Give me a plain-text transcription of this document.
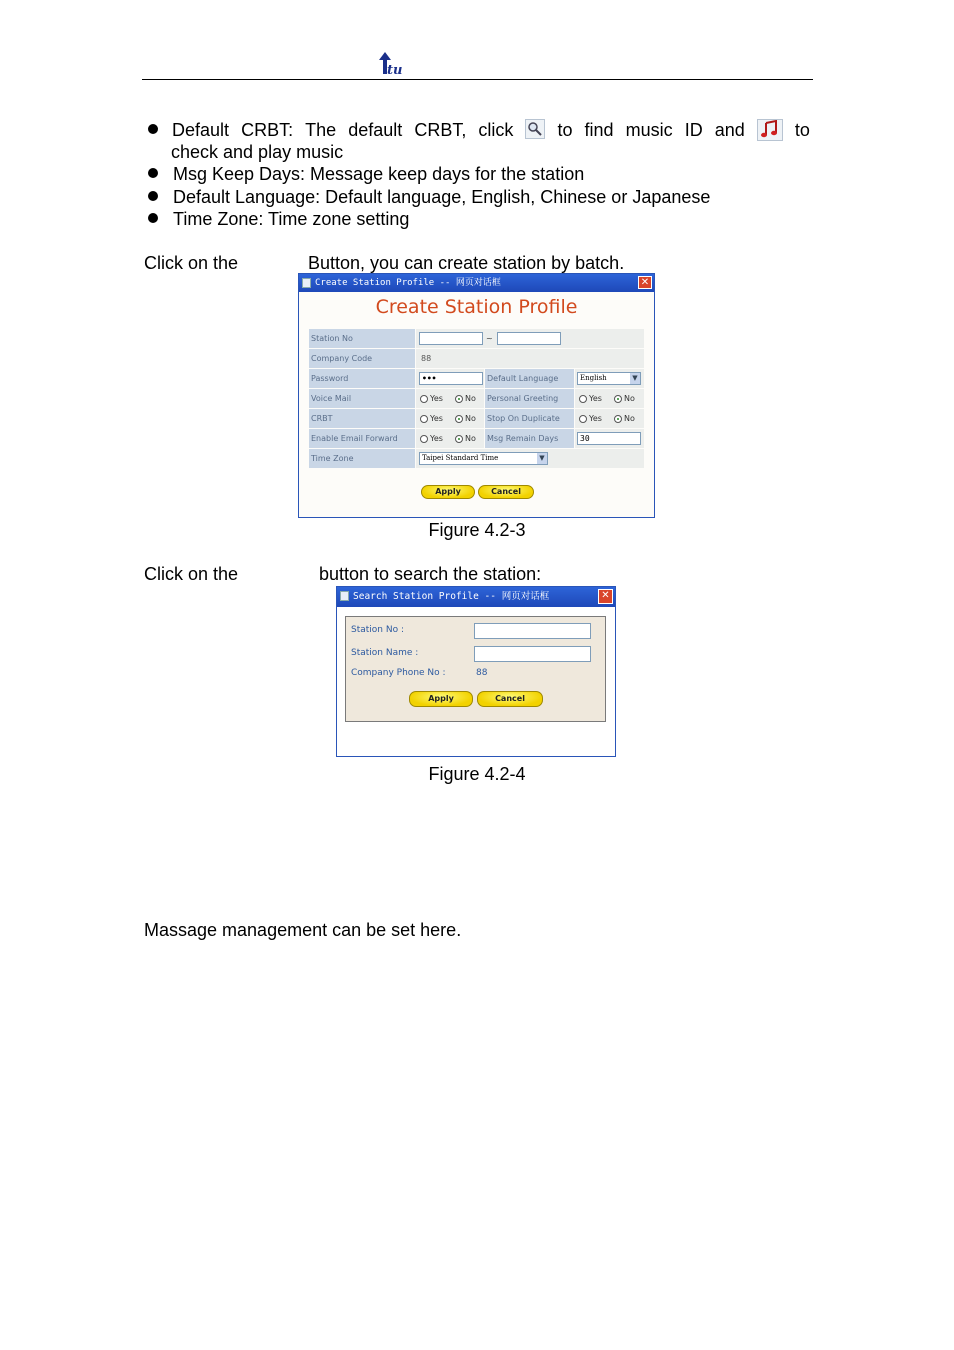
tu
Default CRBT: The default CRBT, click to find music ID and	to
check and play music
Msg Keep Days: Message keep days for the station
Default Language: Default language, English, Chinese or Japanese
Time Zone: Time zone setting
Click on the	Button, you can create station by batch.
Create Station Profile -- 网页对话框	✕
Create Station Profile
Station No	~
Company Code	88
Password	•••	Default Language	English	▼
Voice Mail	Yes	No Personal Greeting	Yes	No
CRBT	Yes	No Stop On Duplicate	Yes	No
Enable Email Forward	Yes	No Msg Remain Days	30
Time Zone	Taipei Standard Time	▼
Apply	Cancel
Figure 4.2-3
Click on the	button to search the station:
Search Station Profile -- 网页对话框	✕
Station No :
Station Name :
Company Phone No :	88
Apply	Cancel
Figure 4.2-4
Massage management can be set here.
